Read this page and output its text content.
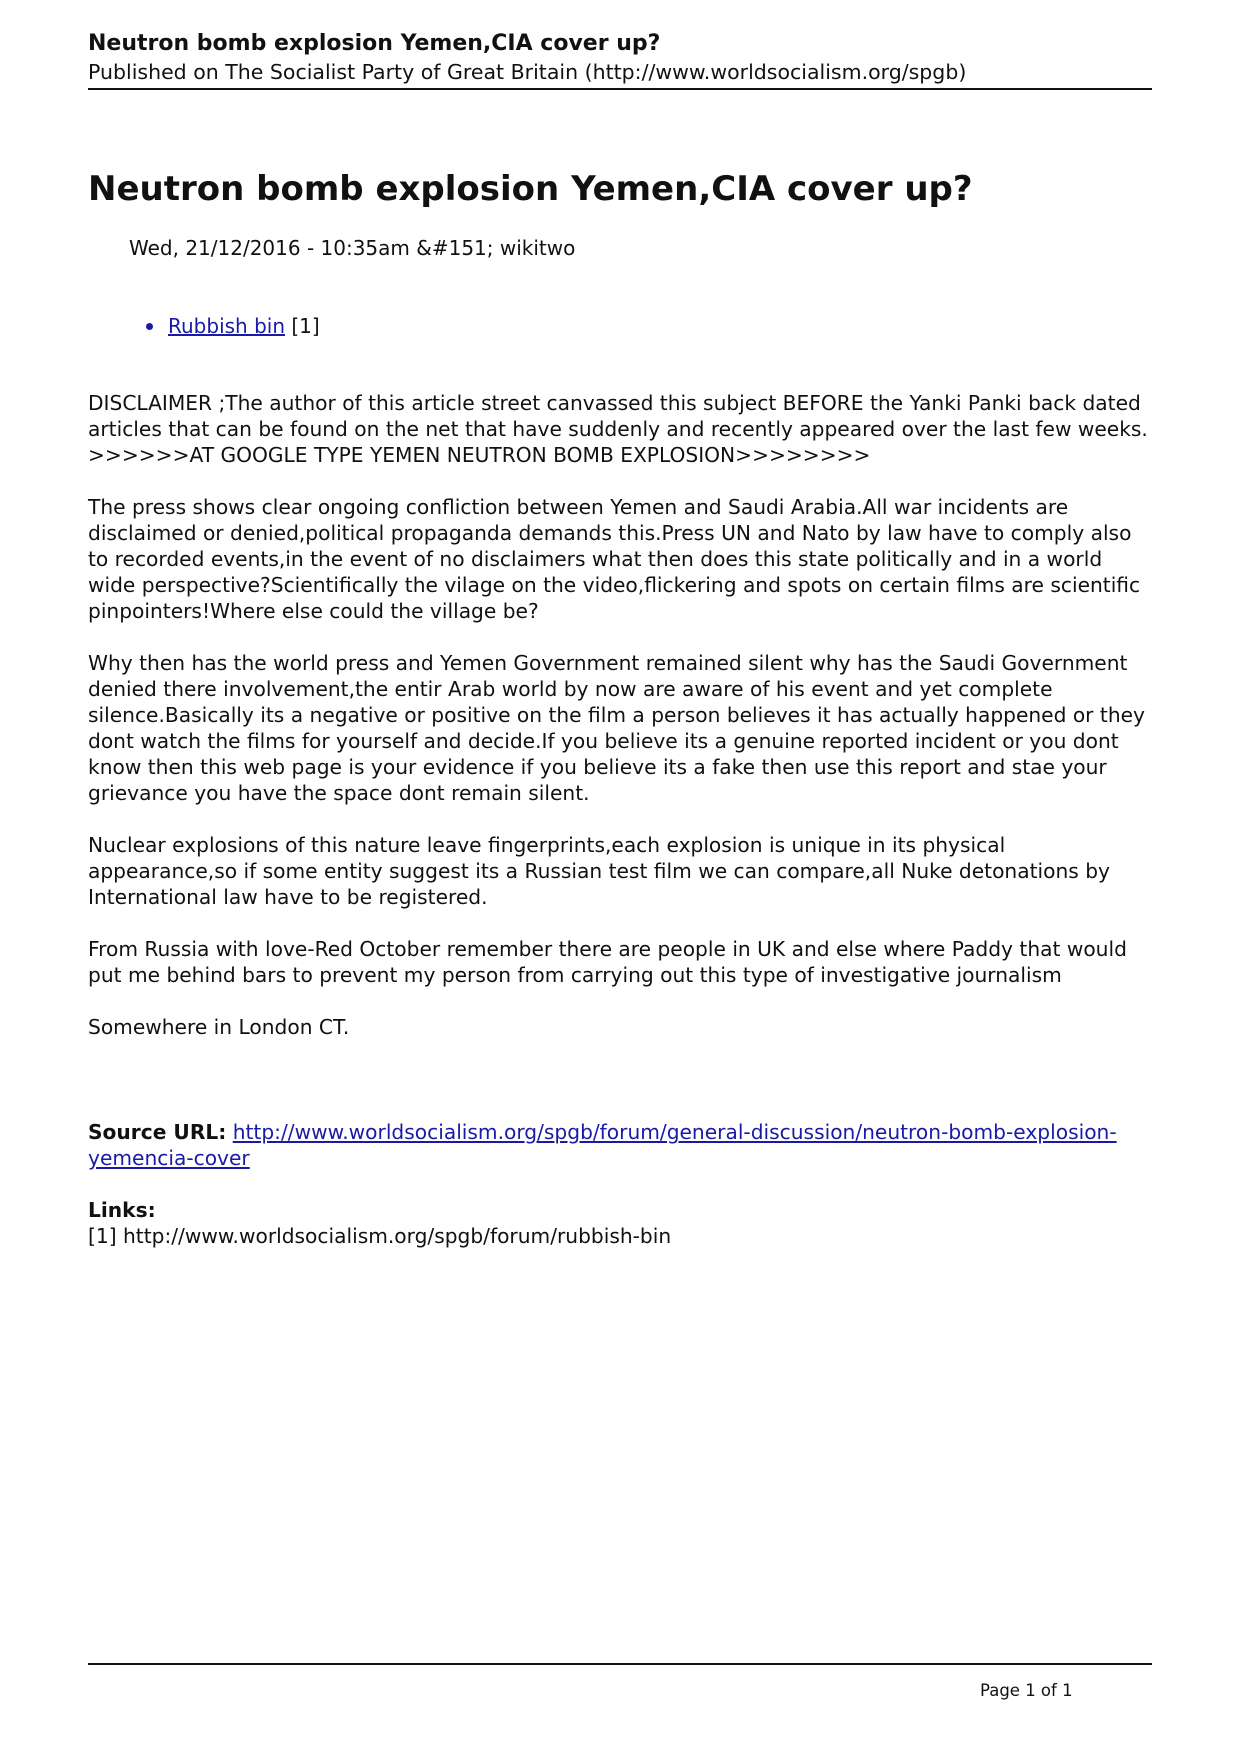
Neutron bomb explosion Yemen,CIA cover up?
Published on The Socialist Party of Great Britain (http://www.worldsocialism.org/spgb)
Neutron bomb explosion Yemen,CIA cover up?
Wed, 21/12/2016 - 10:35am &#151; wikitwo
Rubbish bin [1]

DISCLAIMER ;The author of this article street canvassed this subject BEFORE the Yanki Panki back dated articles that can be found on the net that have suddenly and recently appeared over the last few weeks. >>>>>>AT GOOGLE TYPE YEMEN NEUTRON BOMB EXPLOSION>>>>>>>>

The press shows clear ongoing confliction between Yemen and Saudi Arabia.All war incidents are disclaimed or denied,political propaganda demands this.Press UN and Nato by law have to comply also to recorded events,in the event of no disclaimers what then does this state politically and in a world wide perspective?Scientifically the vilage on the video,flickering and spots on certain films are scientific pinpointers!Where else could the village be?

Why then has the world press and Yemen Government remained silent why has the Saudi Government denied there involvement,the entir Arab world by now are aware of his event and yet complete silence.Basically its a negative or positive on the film a person believes it has actually happened or they dont watch the films for yourself and decide.If you believe its a genuine reported incident or you dont know then this web page is your evidence if you believe its a fake then use this report and stae your grievance you have the space dont remain silent.

Nuclear explosions of this nature leave fingerprints,each explosion is unique in its physical appearance,so if some entity suggest its a Russian test film we can compare,all Nuke detonations by International law have to be registered.

From Russia with love-Red October remember there are people in UK and else where Paddy that would put me behind bars to prevent my person from carrying out this type of investigative journalism

Somewhere in London CT.

Source URL: http://www.worldsocialism.org/spgb/forum/general-discussion/neutron-bomb-explosion-yemencia-cover

Links:
[1] http://www.worldsocialism.org/spgb/forum/rubbish-bin
Page 1 of 1
